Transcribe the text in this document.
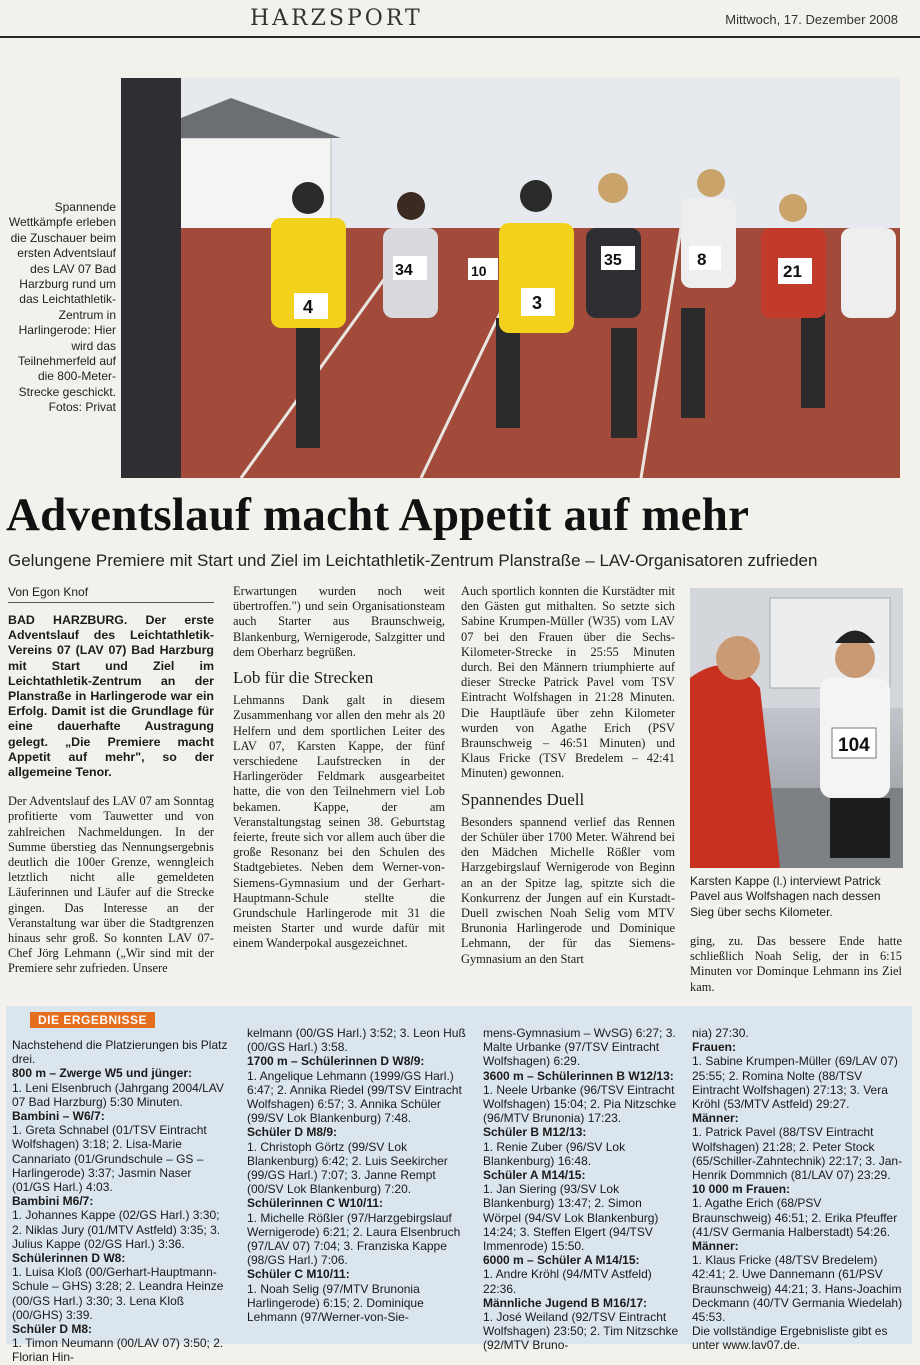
HARZSPORT	Mittwoch, 17. Dezember 2008
Spannende Wettkämpfe erleben die Zuschauer beim ersten Adventslauf des LAV 07 Bad Harzburg rund um das Leichtathletik-Zentrum in Harlingerode: Hier wird das Teilnehmerfeld auf die 800-Meter-Strecke geschickt. Fotos: Privat
4
34	10
3
35	8
21
Adventslauf macht Appetit auf mehr
Gelungene Premiere mit Start und Ziel im Leichtathletik-Zentrum Planstraße – LAV-Organisatoren zufrieden
Von Egon Knof

BAD HARZBURG. Der erste Adventslauf des Leichtathletik-Vereins 07 (LAV 07) Bad Harzburg mit Start und Ziel im Leichtathletik-Zentrum an der Planstraße in Harlingerode war ein Erfolg. Damit ist die Grundlage für eine dauerhafte Austragung gelegt. „Die Premiere macht Appetit auf mehr", so der allgemeine Tenor.

Der Adventslauf des LAV 07 am Sonntag profitierte vom Tauwetter und von zahlreichen Nachmeldungen. In der Summe überstieg das Nennungsergebnis deutlich die 100er Grenze, wenngleich letztlich nicht alle gemeldeten Läuferinnen und Läufer auf die Strecke gingen. Das Interesse an der Veranstaltung war über die Stadtgrenzen hinaus sehr groß. So konnten LAV 07-Chef Jörg Lehmann („Wir sind mit der Premiere sehr zufrieden. Unsere

Erwartungen wurden noch weit übertroffen.") und sein Organisationsteam auch Starter aus Braunschweig, Blankenburg, Wernigerode, Salzgitter und dem Oberharz begrüßen.

Lob für die Strecken

Lehmanns Dank galt in diesem Zusammenhang vor allen den mehr als 20 Helfern und dem sportlichen Leiter des LAV 07, Karsten Kappe, der fünf verschiedene Laufstrecken in der Harlingeröder Feldmark ausgearbeitet hatte, die von den Teilnehmern viel Lob bekamen. Kappe, der am Veranstaltungstag seinen 38. Geburtstag feierte, freute sich vor allem auch über die große Resonanz bei den Schulen des Stadtgebietes. Neben dem Werner-von-Siemens-Gymnasium und der Gerhart-Hauptmann-Schule stellte die Grundschule Harlingerode mit 31 die meisten Starter und wurde dafür mit einem Wanderpokal ausgezeichnet.

Auch sportlich konnten die Kurstädter mit den Gästen gut mithalten. So setzte sich Sabine Krumpen-Müller (W35) vom LAV 07 bei den Frauen über die Sechs-Kilometer-Strecke in 25:55 Minuten durch. Bei den Männern triumphierte auf dieser Strecke Patrick Pavel vom TSV Eintracht Wolfshagen in 21:28 Minuten. Die Hauptläufe über zehn Kilometer wurden von Agathe Erich (PSV Braunschweig – 46:51 Minuten) und Klaus Fricke (TSV Bredelem – 42:41 Minuten) gewonnen.

Spannendes Duell

Besonders spannend verlief das Rennen der Schüler über 1700 Meter. Während bei den Mädchen Michelle Rößler vom Harzgebirgslauf Wernigerode von Beginn an an der Spitze lag, spitzte sich die Konkurrenz der Jungen auf ein Kurstadt-Duell zwischen Noah Selig vom MTV Brunonia Harlingerode und Dominique Lehmann, der für das Siemens-Gymnasium an den Start

104
Karsten Kappe (l.) interviewt Patrick Pavel aus Wolfshagen nach dessen Sieg über sechs Kilometer.

ging, zu. Das bessere Ende hatte schließlich Noah Selig, der in 6:15 Minuten vor Dominque Lehmann ins Ziel kam.

DIE ERGEBNISSE
Nachstehend die Platzierungen bis Platz drei.
800 m – Zwerge W5 und jünger:
1. Leni Elsenbruch (Jahrgang 2004/LAV 07 Bad Harzburg) 5:30 Minuten.
Bambini – W6/7:
1. Greta Schnabel (01/TSV Eintracht Wolfshagen) 3:18; 2. Lisa-Marie Cannariato (01/Grundschule – GS – Harlingerode) 3:37; Jasmin Naser (01/GS Harl.) 4:03.
Bambini M6/7:
1. Johannes Kappe (02/GS Harl.) 3:30; 2. Niklas Jury (01/MTV Astfeld) 3:35; 3. Julius Kappe (02/GS Harl.) 3:36.
Schülerinnen D W8:
1. Luisa Kloß (00/Gerhart-Hauptmann-Schule – GHS) 3:28; 2. Leandra Heinze (00/GS Harl.) 3:30; 3. Lena Kloß (00/GHS) 3:39.
Schüler D M8:
1. Timon Neumann (00/LAV 07) 3:50; 2. Florian Hin-
kelmann (00/GS Harl.) 3:52; 3. Leon Huß (00/GS Harl.) 3:58.
1700 m – Schülerinnen D W8/9:
1. Angelique Lehmann (1999/GS Harl.) 6:47; 2. Annika Riedel (99/TSV Eintracht Wolfshagen) 6:57; 3. Annika Schüler (99/SV Lok Blankenburg) 7:48.
Schüler D M8/9:
1. Christoph Görtz (99/SV Lok Blankenburg) 6:42; 2. Luis Seekircher (99/GS Harl.) 7:07; 3. Janne Rempt (00/SV Lok Blankenburg) 7:20.
Schülerinnen C W10/11:
1. Michelle Rößler (97/Harzgebirgslauf Wernigerode) 6:21; 2. Laura Elsenbruch (97/LAV 07) 7:04; 3. Franziska Kappe (98/GS Harl.) 7:06.
Schüler C M10/11:
1. Noah Selig (97/MTV Brunonia Harlingerode) 6:15; 2. Dominique Lehmann (97/Werner-von-Sie-
mens-Gymnasium – WvSG) 6:27; 3. Malte Urbanke (97/TSV Eintracht Wolfshagen) 6:29.
3600 m – Schülerinnen B W12/13:
1. Neele Urbanke (96/TSV Eintracht Wolfshagen) 15:04; 2. Pia Nitzschke (96/MTV Brunonia) 17:23.
Schüler B M12/13:
1. Renie Zuber (96/SV Lok Blankenburg) 16:48.
Schüler A M14/15:
1. Jan Siering (93/SV Lok Blankenburg) 13:47; 2. Simon Wörpel (94/SV Lok Blankenburg) 14:24; 3. Steffen Elgert (94/TSV Immenrode) 15:50.
6000 m – Schüler A M14/15:
1. Andre Kröhl (94/MTV Astfeld) 22:36.
Männliche Jugend B M16/17:
1. José Weiland (92/TSV Eintracht Wolfshagen) 23:50; 2. Tim Nitzschke (92/MTV Bruno-
nia) 27:30.
Frauen:
1. Sabine Krumpen-Müller (69/LAV 07) 25:55; 2. Romina Nolte (88/TSV Eintracht Wolfshagen) 27:13; 3. Vera Kröhl (53/MTV Astfeld) 29:27.
Männer:
1. Patrick Pavel (88/TSV Eintracht Wolfshagen) 21:28; 2. Peter Stock (65/Schiller-Zahntechnik) 22:17; 3. Jan-Henrik Dommnich (81/LAV 07) 23:29.
10 000 m Frauen:
1. Agathe Erich (68/PSV Braunschweig) 46:51; 2. Erika Pfeuffer (41/SV Germania Halberstadt) 54:26.
Männer:
1. Klaus Fricke (48/TSV Bredelem) 42:41; 2. Uwe Dannemann (61/PSV Braunschweig) 44:21; 3. Hans-Joachim Deckmann (40/TV Germania Wiedelah) 45:53.
Die vollständige Ergebnisliste gibt es unter www.lav07.de.
